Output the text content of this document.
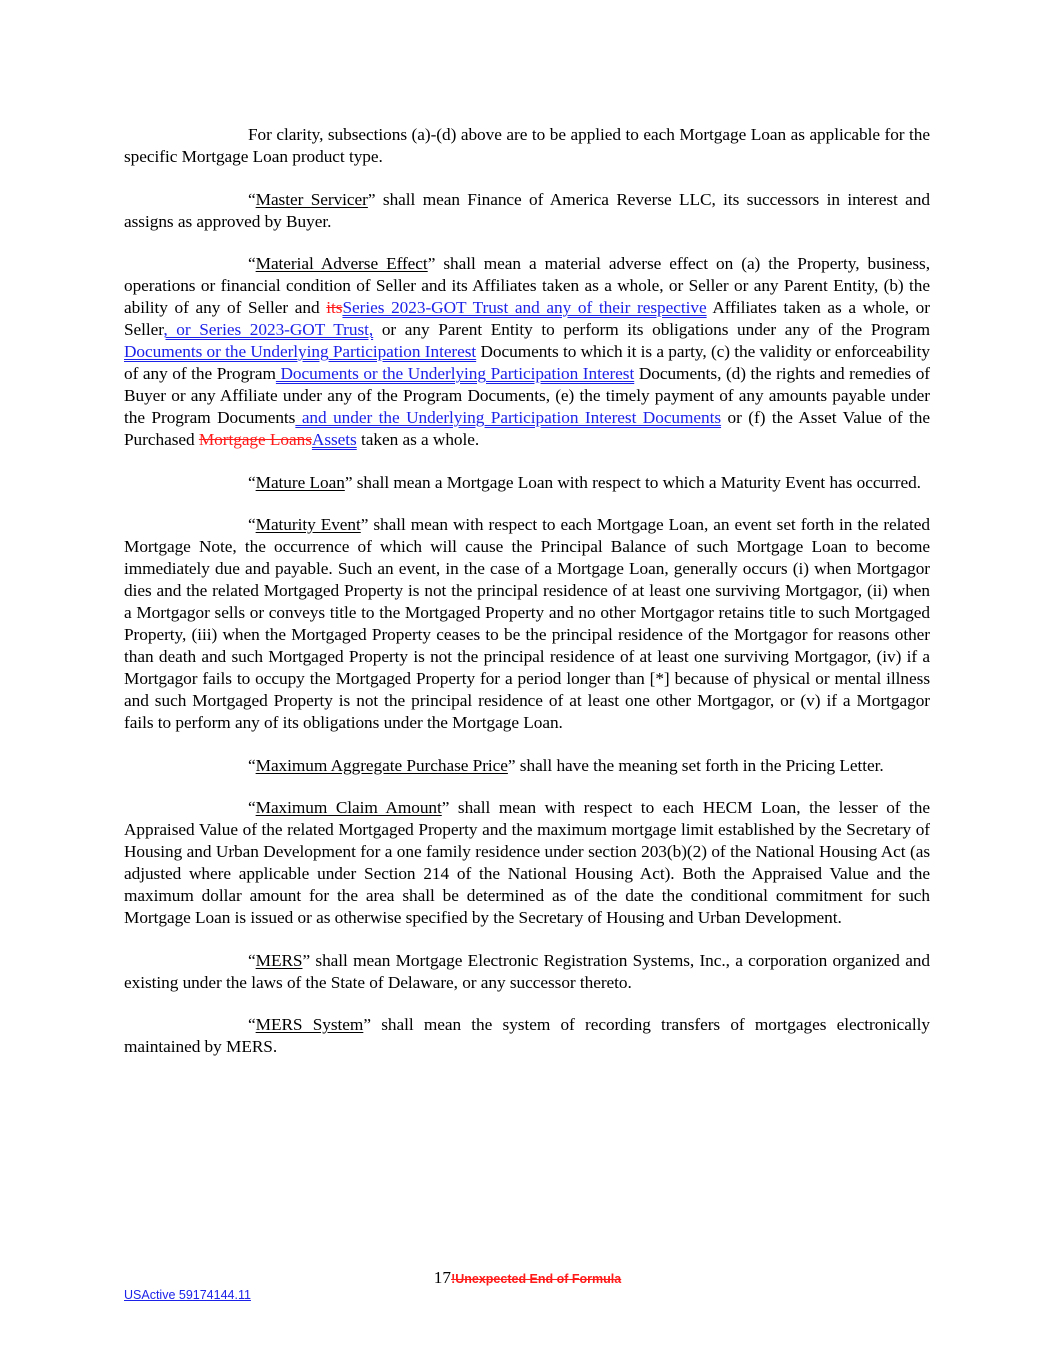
For clarity, subsections (a)-(d) above are to be applied to each Mortgage Loan as applicable for the specific Mortgage Loan product type.

“Master Servicer” shall mean Finance of America Reverse LLC, its successors in interest and assigns as approved by Buyer.

“Material Adverse Effect” shall mean a material adverse effect on (a) the Property, business, operations or financial condition of Seller and its Affiliates taken as a whole, or Seller or any Parent Entity, (b) the ability of any of Seller and itsSeries 2023-GOT Trust and any of their respective Affiliates taken as a whole, or Seller, or Series 2023-GOT Trust, or any Parent Entity to perform its obligations under any of the Program Documents or the Underlying Participation Interest Documents to which it is a party, (c) the validity or enforceability of any of the Program Documents or the Underlying Participation Interest Documents, (d) the rights and remedies of Buyer or any Affiliate under any of the Program Documents, (e) the timely payment of any amounts payable under the Program Documents and under the Underlying Participation Interest Documents or (f) the Asset Value of the Purchased Mortgage LoansAssets taken as a whole.

“Mature Loan” shall mean a Mortgage Loan with respect to which a Maturity Event has occurred.

“Maturity Event” shall mean with respect to each Mortgage Loan, an event set forth in the related Mortgage Note, the occurrence of which will cause the Principal Balance of such Mortgage Loan to become immediately due and payable. Such an event, in the case of a Mortgage Loan, generally occurs (i) when Mortgagor dies and the related Mortgaged Property is not the principal residence of at least one surviving Mortgagor, (ii) when a Mortgagor sells or conveys title to the Mortgaged Property and no other Mortgagor retains title to such Mortgaged Property, (iii) when the Mortgaged Property ceases to be the principal residence of the Mortgagor for reasons other than death and such Mortgaged Property is not the principal residence of at least one surviving Mortgagor, (iv) if a Mortgagor fails to occupy the Mortgaged Property for a period longer than [*] because of physical or mental illness and such Mortgaged Property is not the principal residence of at least one other Mortgagor, or (v) if a Mortgagor fails to perform any of its obligations under the Mortgage Loan.

“Maximum Aggregate Purchase Price” shall have the meaning set forth in the Pricing Letter.

“Maximum Claim Amount” shall mean with respect to each HECM Loan, the lesser of the Appraised Value of the related Mortgaged Property and the maximum mortgage limit established by the Secretary of Housing and Urban Development for a one family residence under section 203(b)(2) of the National Housing Act (as adjusted where applicable under Section 214 of the National Housing Act). Both the Appraised Value and the maximum dollar amount for the area shall be determined as of the date the conditional commitment for such Mortgage Loan is issued or as otherwise specified by the Secretary of Housing and Urban Development.

“MERS” shall mean Mortgage Electronic Registration Systems, Inc., a corporation organized and existing under the laws of the State of Delaware, or any successor thereto.

“MERS System” shall mean the system of recording transfers of mortgages electronically maintained by MERS.

17!Unexpected End of Formula
USActive 59174144.11
